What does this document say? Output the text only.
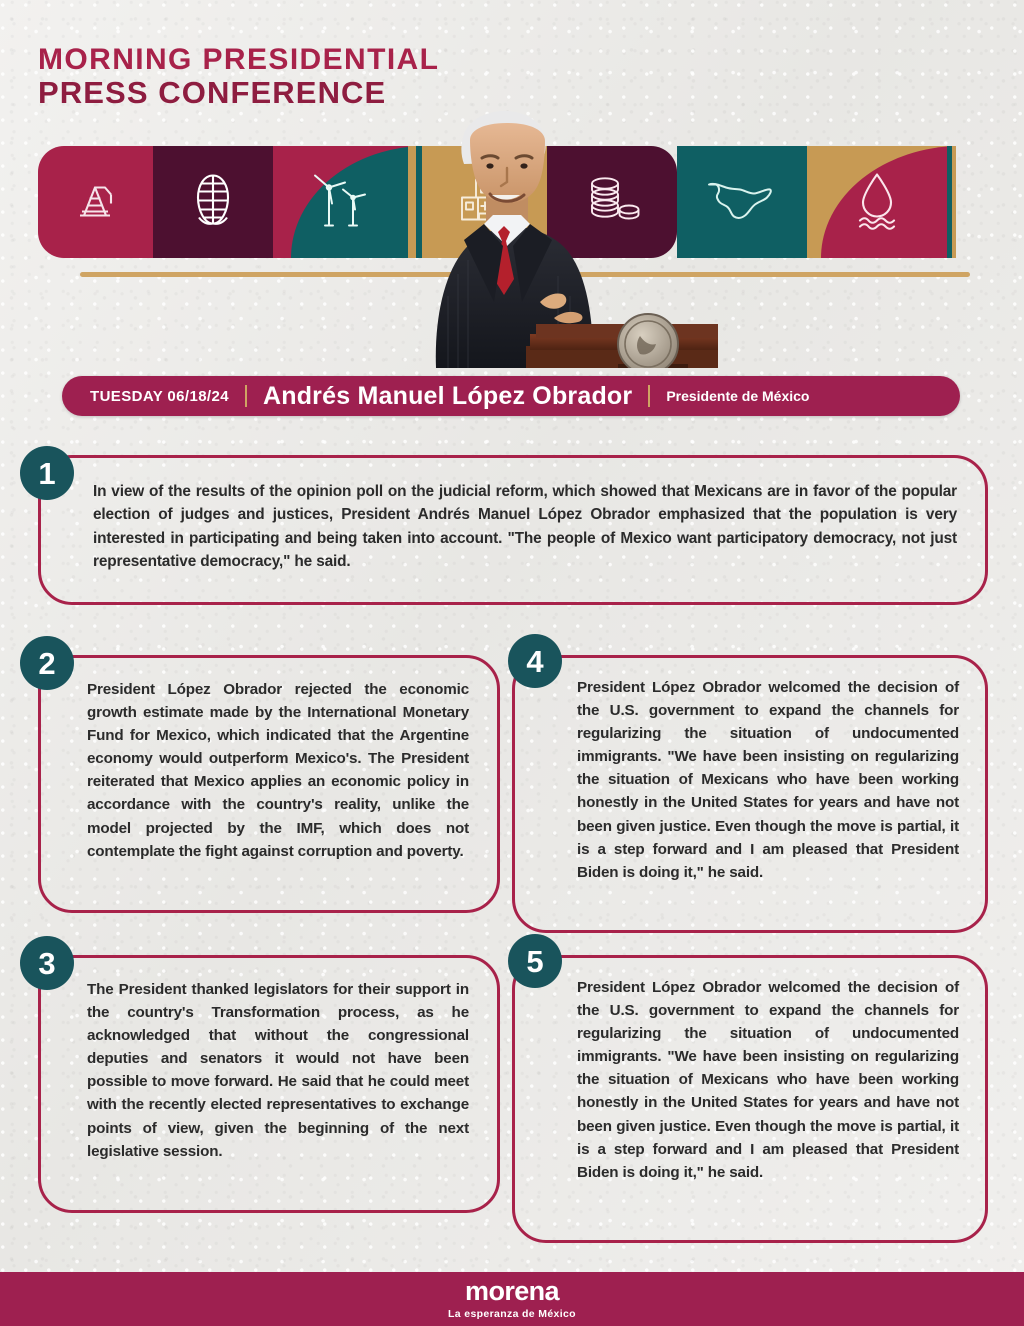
MORNING PRESIDENTIAL
PRESS CONFERENCE
TUESDAY 06/18/24 Andrés Manuel López Obrador Presidente de México

In view of the results of the opinion poll on the judicial reform, which showed that Mexicans are in favor of the popular election of judges and justices, President Andrés Manuel López Obrador emphasized that the population is very interested in participating and being taken into account. "The people of Mexico want participatory democracy, not just representative democracy," he said.

1

President López Obrador rejected the economic growth estimate made by the International Monetary Fund for Mexico, which indicated that the Argentine economy would outperform Mexico's. The President reiterated that Mexico applies an economic policy in accordance with the country's reality, unlike the model projected by the IMF, which does not contemplate the fight against corruption and poverty.

2

The President thanked legislators for their support in the country's Transformation process, as he acknowledged that without the congressional deputies and senators it would not have been possible to move forward. He said that he could meet with the recently elected representatives to exchange points of view, given the beginning of the next legislative session.

3

President López Obrador welcomed the decision of the U.S. government to expand the channels for regularizing the situation of undocumented immigrants. "We have been insisting on regularizing the situation of Mexicans who have been working honestly in the United States for years and have not been given justice. Even though the move is partial, it is a step forward and I am pleased that President Biden is doing it," he said.

4

President López Obrador welcomed the decision of the U.S. government to expand the channels for regularizing the situation of undocumented immigrants. "We have been insisting on regularizing the situation of Mexicans who have been working honestly in the United States for years and have not been given justice. Even though the move is partial, it is a step forward and I am pleased that President Biden is doing it," he said.

5
morena
La esperanza de México
